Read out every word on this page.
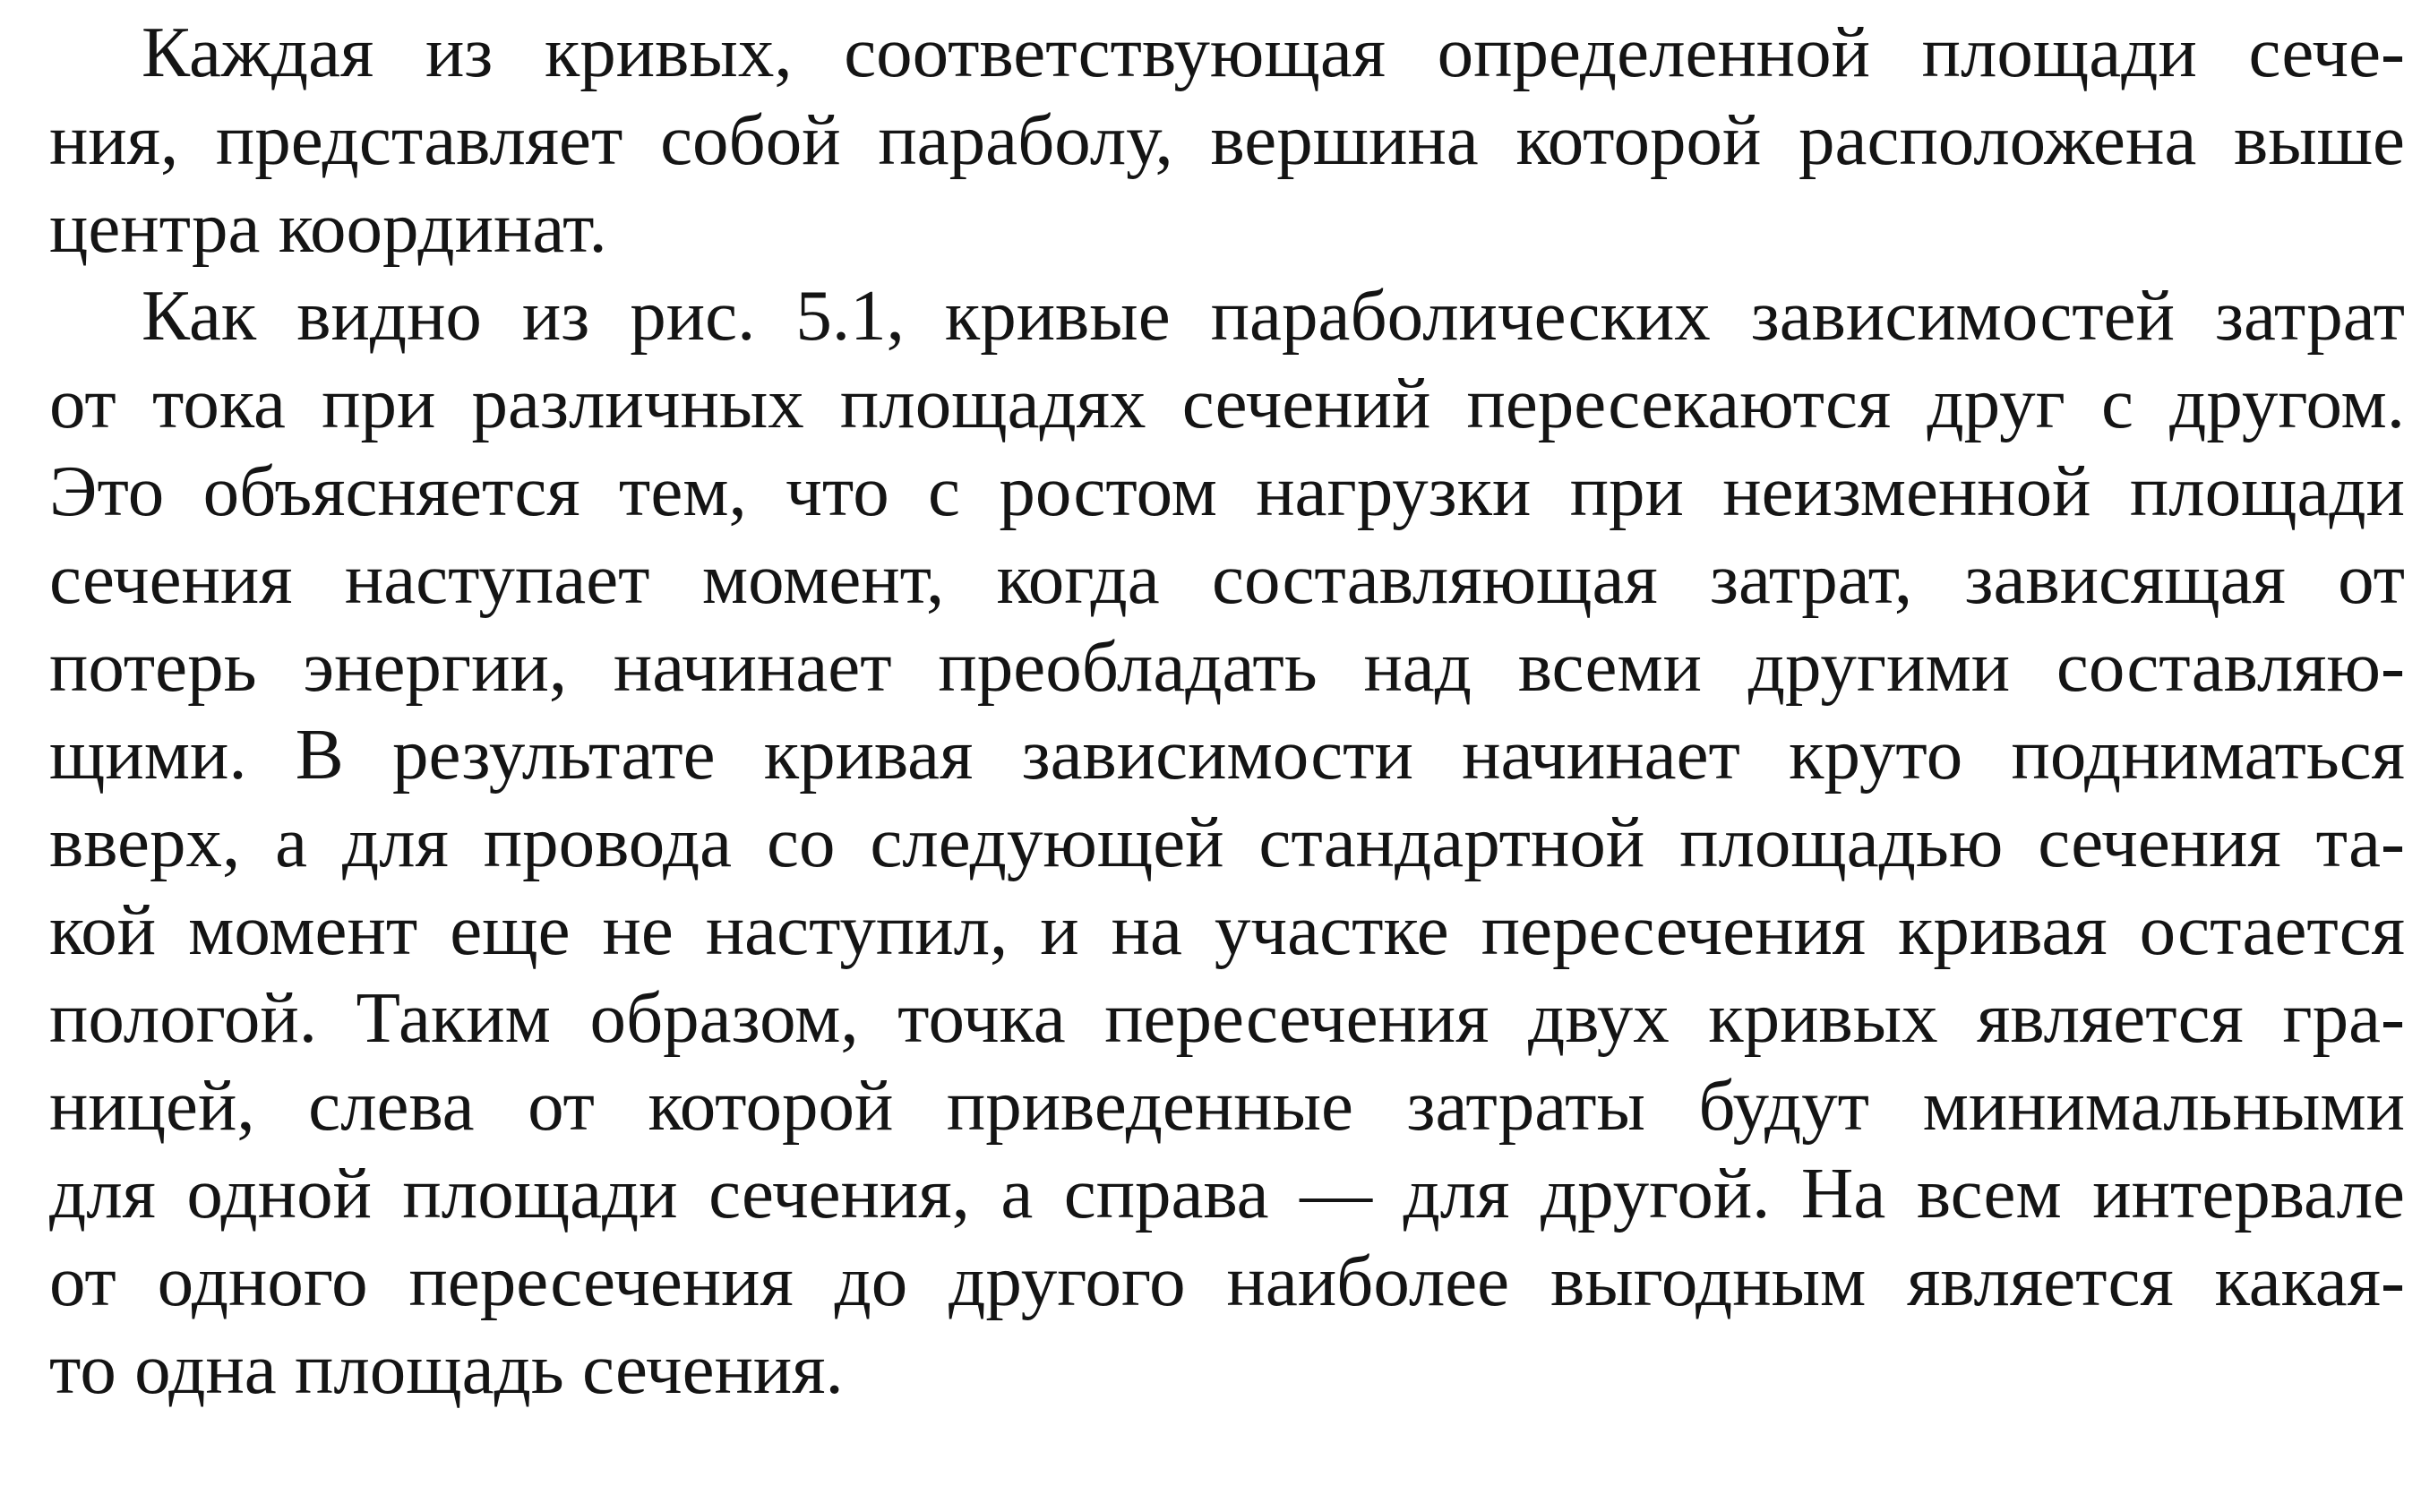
Каждая из кривых, соответствующая определенной площади сече-
ния, представляет собой параболу, вершина которой расположена выше
центра координат.
Как видно из рис. 5.1, кривые параболических зависимостей затрат
от тока при различных площадях сечений пересекаются друг с другом.
Это объясняется тем, что с ростом нагрузки при неизменной площади
сечения наступает момент, когда составляющая затрат, зависящая от
потерь энергии, начинает преобладать над всеми другими составляю-
щими. В результате кривая зависимости начинает круто подниматься
вверх, а для провода со следующей стандартной площадью сечения та-
кой момент еще не наступил, и на участке пересечения кривая остается
пологой. Таким образом, точка пересечения двух кривых является гра-
ницей, слева от которой приведенные затраты будут минимальными
для одной площади сечения, а справа — для другой. На всем интервале
от одного пересечения до другого наиболее выгодным является какая-
то одна площадь сечения.
